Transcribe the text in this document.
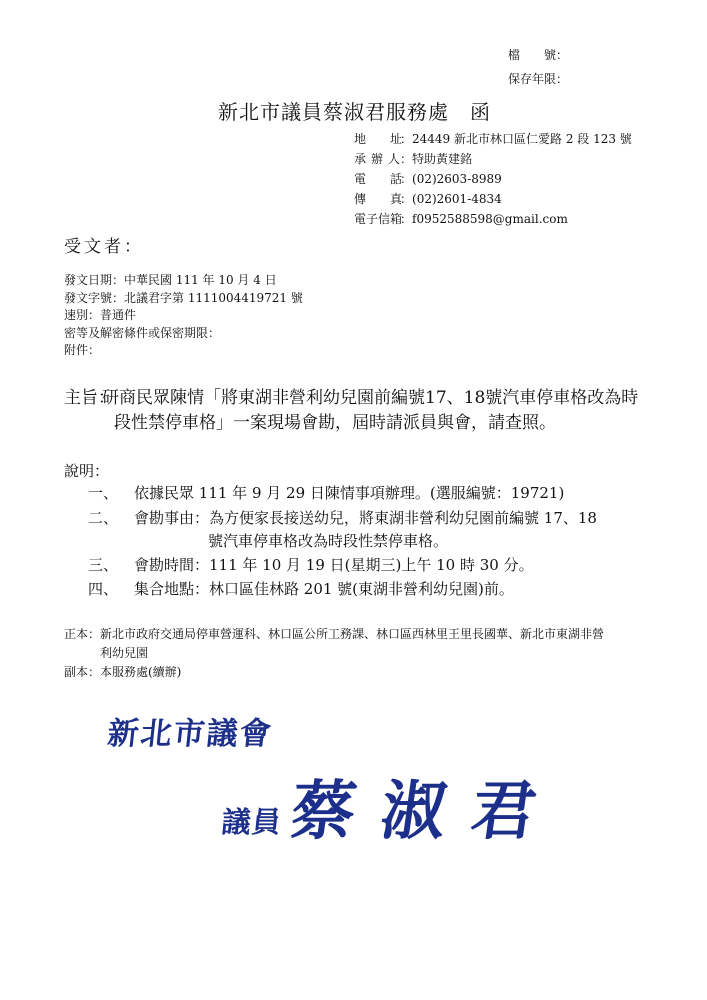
檔　　號：
保存年限：
新北市議員蔡淑君服務處　函
地　　址：24449 新北市林口區仁愛路 2 段 123 號
承 辦 人：特助黃建銘
電　　話：(02)2603-8989
傳　　真：(02)2601-4834
電子信箱：f0952588598@gmail.com
受文者：
發文日期：中華民國 111 年 10 月 4 日
發文字號：北議君字第 1111004419721 號
速別：普通件
密等及解密條件或保密期限：
附件：
主旨：
研商民眾陳情「將東湖非營利幼兒園前編號17、18號汽車停車格改為時
段性禁停車格」一案現場會勘，屆時請派員與會，請查照。
說明：
一、 依據民眾 111 年 9 月 29 日陳情事項辦理。(選服編號：19721)
二、 會勘事由：為方便家長接送幼兒，將東湖非營利幼兒園前編號 17、18
號汽車停車格改為時段性禁停車格。
三、 會勘時間：111 年 10 月 19 日(星期三)上午 10 時 30 分。
四、 集合地點：林口區佳林路 201 號(東湖非營利幼兒園)前。
正本：新北市政府交通局停車營運科、林口區公所工務課、林口區西林里王里長國華、新北市東湖非營
利幼兒園
副本：本服務處(續辦)
新北市議會
議員 蔡 淑 君
